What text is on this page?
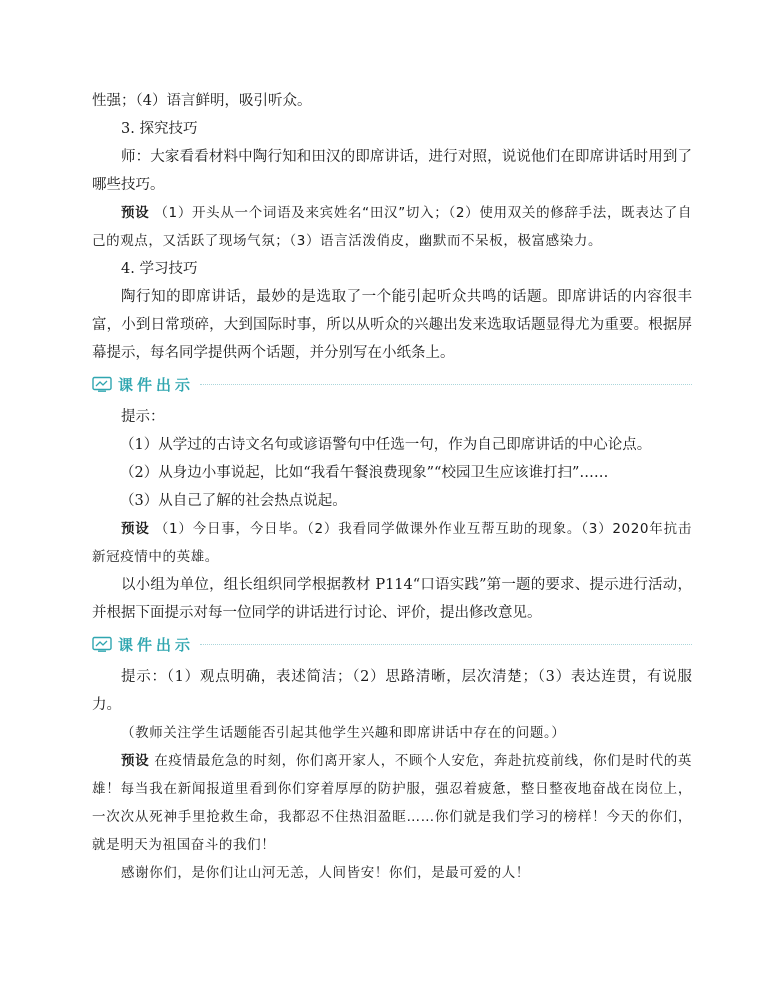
性强；（4）语言鲜明，吸引听众。

3. 探究技巧

师：大家看看材料中陶行知和田汉的即席讲话，进行对照，说说他们在即席讲话时用到了哪些技巧。

预设 （1）开头从一个词语及来宾姓名“田汉”切入；（2）使用双关的修辞手法，既表达了自己的观点，又活跃了现场气氛；（3）语言活泼俏皮，幽默而不呆板，极富感染力。

4. 学习技巧

陶行知的即席讲话，最妙的是选取了一个能引起听众共鸣的话题。即席讲话的内容很丰富，小到日常琐碎，大到国际时事，所以从听众的兴趣出发来选取话题显得尤为重要。根据屏幕提示，每名同学提供两个话题，并分别写在小纸条上。

课件出示

提示：

（1）从学过的古诗文名句或谚语警句中任选一句，作为自己即席讲话的中心论点。

（2）从身边小事说起，比如“我看午餐浪费现象”“校园卫生应该谁打扫”……

（3）从自己了解的社会热点说起。

预设 （1）今日事，今日毕。（2）我看同学做课外作业互帮互助的现象。（3）2020年抗击新冠疫情中的英雄。

以小组为单位，组长组织同学根据教材 P114“口语实践”第一题的要求、提示进行活动，并根据下面提示对每一位同学的讲话进行讨论、评价，提出修改意见。

课件出示

提示：（1）观点明确，表述简洁；（2）思路清晰，层次清楚；（3）表达连贯，有说服力。

（教师关注学生话题能否引起其他学生兴趣和即席讲话中存在的问题。）

预设 在疫情最危急的时刻，你们离开家人，不顾个人安危，奔赴抗疫前线，你们是时代的英雄！每当我在新闻报道里看到你们穿着厚厚的防护服，强忍着疲惫，整日整夜地奋战在岗位上，一次次从死神手里抢救生命，我都忍不住热泪盈眶……你们就是我们学习的榜样！今天的你们，就是明天为祖国奋斗的我们！

感谢你们，是你们让山河无恙，人间皆安！你们，是最可爱的人！
